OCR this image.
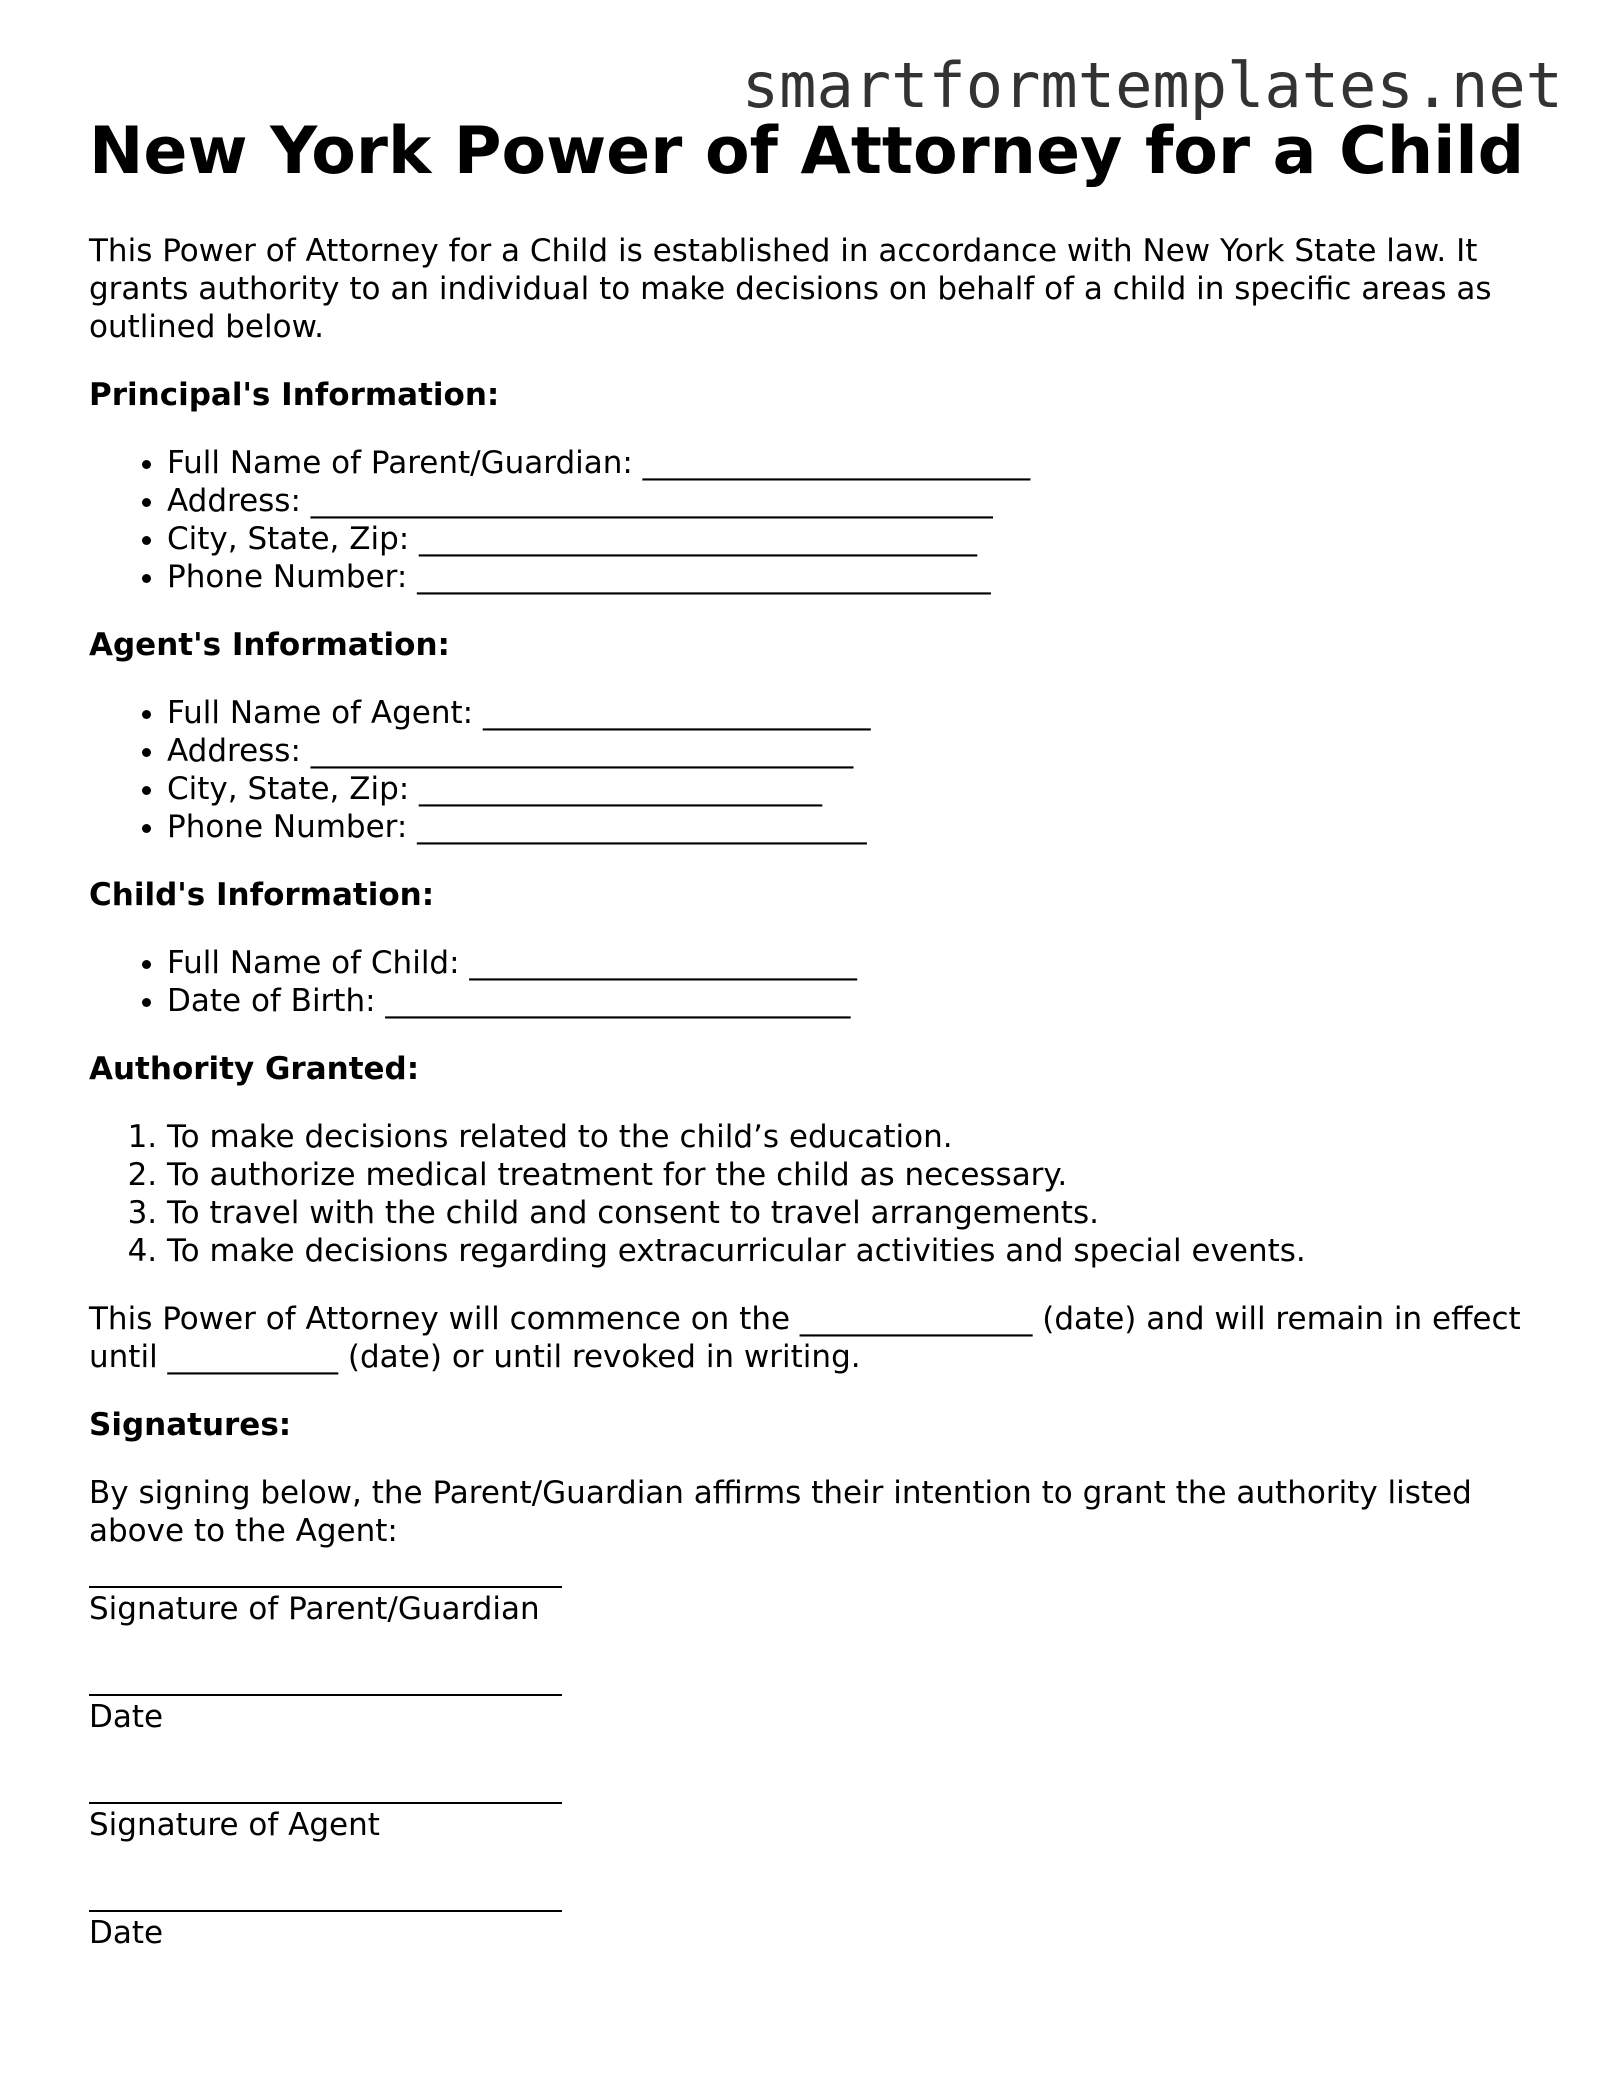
smartformtemplates.net
New York Power of Attorney for a Child

This Power of Attorney for a Child is established in accordance with New York State law. It grants authority to an individual to make decisions on behalf of a child in specific areas as outlined below.

Principal's Information:
• Full Name of Parent/Guardian: _________________________
• Address: ____________________________________________
• City, State, Zip: ____________________________________
• Phone Number: _____________________________________
Agent's Information:
• Full Name of Agent: _________________________
• Address: ___________________________________
• City, State, Zip: __________________________
• Phone Number: _____________________________
Child's Information:
• Full Name of Child: _________________________
• Date of Birth: ______________________________
Authority Granted:
1. To make decisions related to the child’s education.
2. To authorize medical treatment for the child as necessary.
3. To travel with the child and consent to travel arrangements.
4. To make decisions regarding extracurricular activities and special events.

This Power of Attorney will commence on the _______________ (date) and will remain in effect until ___________ (date) or until revoked in writing.

Signatures:

By signing below, the Parent/Guardian affirms their intention to grant the authority listed above to the Agent:

Signature of Parent/Guardian
Date
Signature of Agent
Date
